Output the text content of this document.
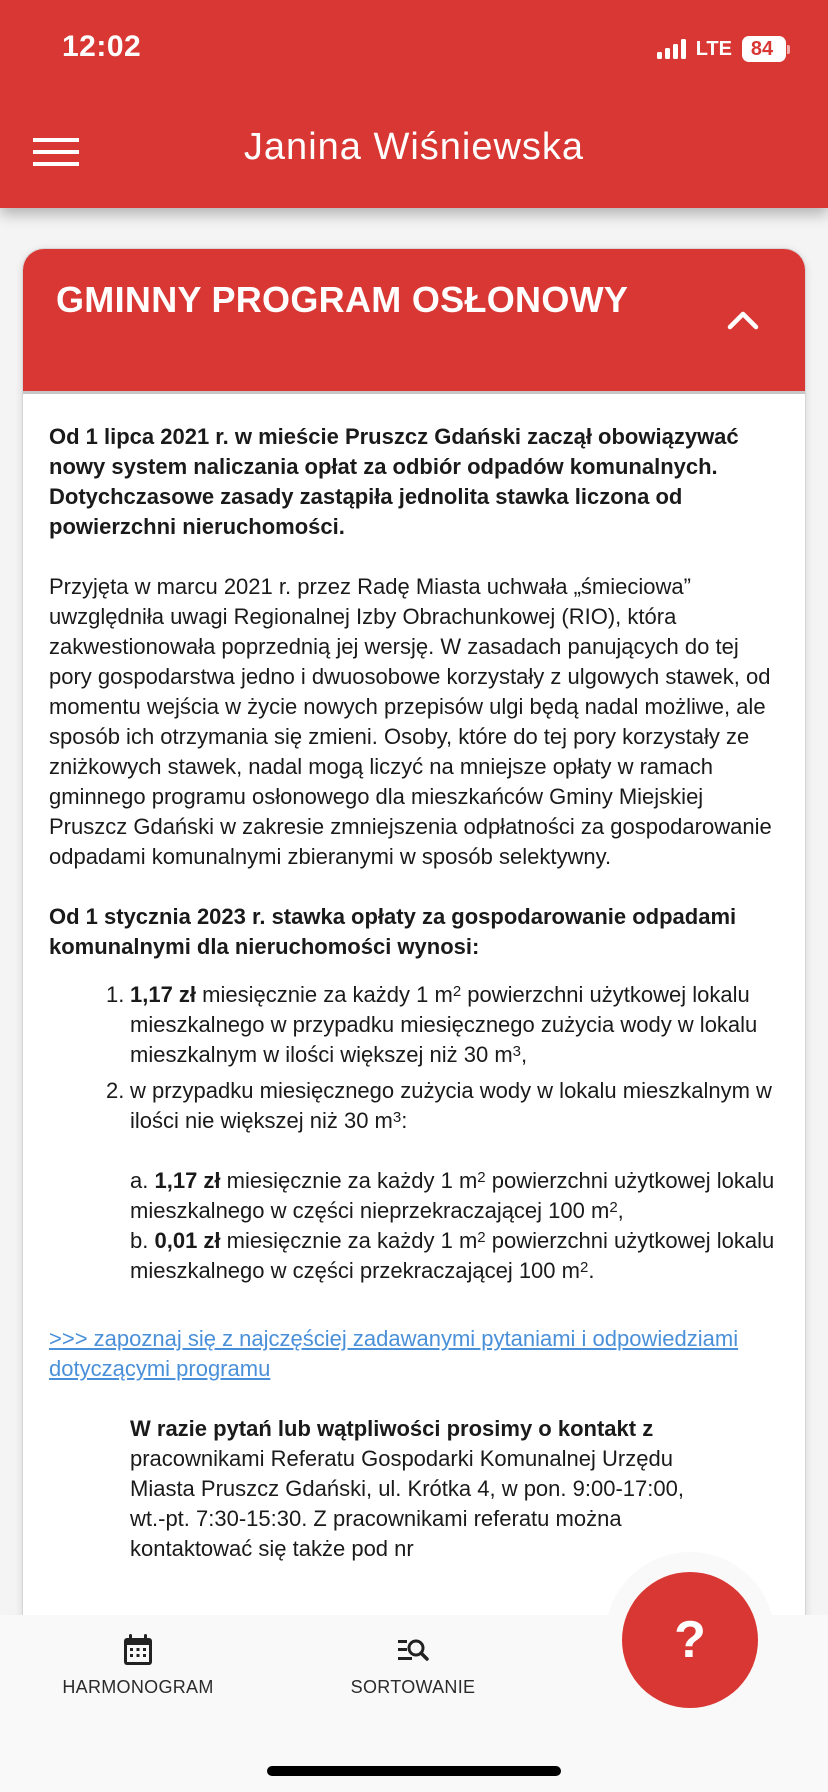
12:02	LTE 84
Janina Wiśniewska
GMINNY PROGRAM OSŁONOWY

Od 1 lipca 2021 r. w mieście Pruszcz Gdański zaczął obowiązywać nowy system naliczania opłat za odbiór odpadów komunalnych. Dotychczasowe zasady zastąpiła jednolita stawka liczona od powierzchni nieruchomości.

Przyjęta w marcu 2021 r. przez Radę Miasta uchwała „śmieciowa” uwzględniła uwagi Regionalnej Izby Obrachunkowej (RIO), która zakwestionowała poprzednią jej wersję. W zasadach panujących do tej pory gospodarstwa jedno i dwuosobowe korzystały z ulgowych stawek, od momentu wejścia w życie nowych przepisów ulgi będą nadal możliwe, ale sposób ich otrzymania się zmieni. Osoby, które do tej pory korzystały ze zniżkowych stawek, nadal mogą liczyć na mniejsze opłaty w ramach gminnego programu osłonowego dla mieszkańców Gminy Miejskiej Pruszcz Gdański w zakresie zmniejszenia odpłatności za gospodarowanie odpadami komunalnymi zbieranymi w sposób selektywny.

Od 1 stycznia 2023 r. stawka opłaty za gospodarowanie odpadami komunalnymi dla nieruchomości wynosi:

1. 1,17 zł miesięcznie za każdy 1 $m^2$ powierzchni użytkowej lokalu mieszkalnego w przypadku miesięcznego zużycia wody w lokalu mieszkalnym w ilości większej niż 30 $m^3$,
2. w przypadku miesięcznego zużycia wody w lokalu mieszkalnym w ilości nie większej niż 30 $m^3$:
a. 1,17 zł miesięcznie za każdy 1 $m^2$ powierzchni użytkowej lokalu mieszkalnego w części nieprzekraczającej 100 $m^2$,
b. 0,01 zł miesięcznie za każdy 1 $m^2$ powierzchni użytkowej lokalu mieszkalnego w części przekraczającej 100 $m^2$.
>>> zapoznaj się z najczęściej zadawanymi pytaniami i odpowiedziami dotyczącymi programu

W razie pytań lub wątpliwości prosimy o kontakt z pracownikami Referatu Gospodarki Komunalnej Urzędu Miasta Pruszcz Gdański, ul. Krótka 4, w pon. 9:00-17:00, wt.-pt. 7:30-15:30. Z pracownikami referatu można kontaktować się także pod nr

HARMONOGRAM	SORTOWANIE
?
